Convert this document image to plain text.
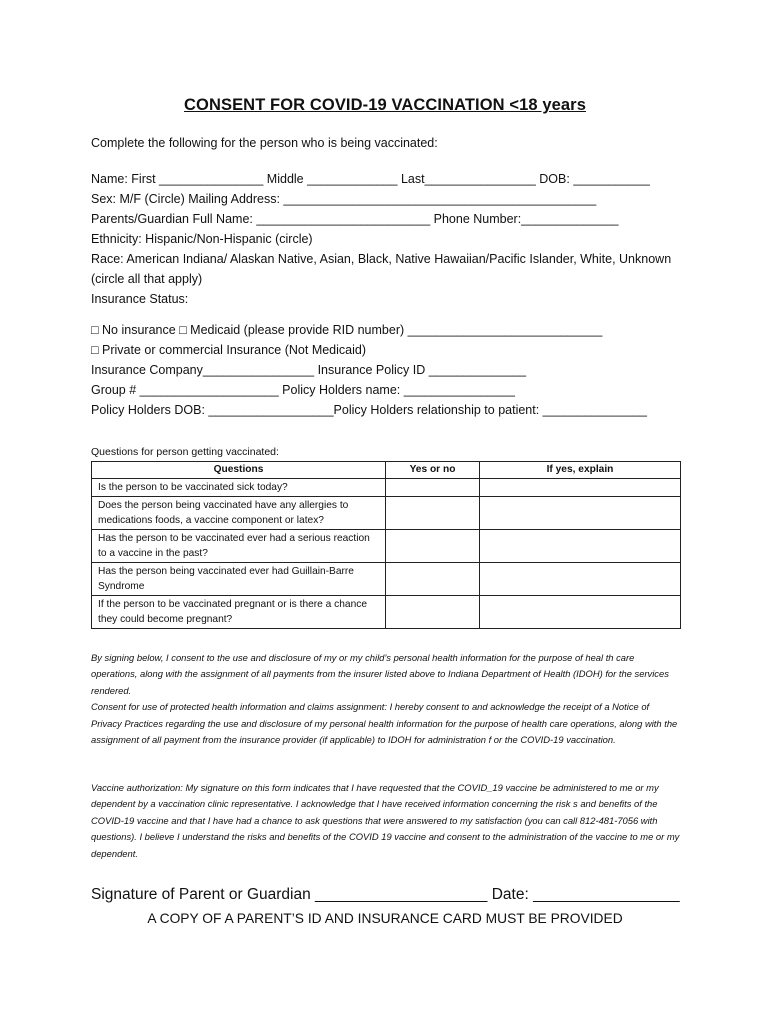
CONSENT FOR COVID-19 VACCINATION <18 years
Complete the following for the person who is being vaccinated:
Name: First _______________ Middle _____________ Last________________ DOB: ___________
Sex: M/F (Circle) Mailing Address: _____________________________________________
Parents/Guardian Full Name: _________________________ Phone Number:______________
Ethnicity: Hispanic/Non-Hispanic (circle)
Race: American Indiana/ Alaskan Native, Asian, Black, Native Hawaiian/Pacific Islander, White, Unknown (circle all that apply)
Insurance Status:
□ No insurance □ Medicaid (please provide RID number) ____________________________
□ Private or commercial Insurance (Not Medicaid)
Insurance Company________________ Insurance Policy ID ______________
Group # ____________________ Policy Holders name: ________________
Policy Holders DOB: __________________Policy Holders relationship to patient: _______________
Questions for person getting vaccinated:
Questions	Yes or no	If yes, explain
Is the person to be vaccinated sick today?		
Does the person being vaccinated have any allergies to medications foods, a vaccine component or latex?		
Has the person to be vaccinated ever had a serious reaction to a vaccine in the past?		
Has the person being vaccinated ever had Guillain-Barre Syndrome		
If the person to be vaccinated pregnant or is there a chance they could become pregnant?		

By signing below, I consent to the use and disclosure of my or my child’s personal health information for the purpose of heal th care operations, along with the assignment of all payments from the insurer listed above to Indiana Department of Health (IDOH) for the services rendered.

Consent for use of protected health information and claims assignment: I hereby consent to and acknowledge the receipt of a Notice of Privacy Practices regarding the use and disclosure of my personal health information for the purpose of health care operations, along with the assignment of all payment from the insurance provider (if applicable) to IDOH for administration f or the COVID-19 vaccination.

Vaccine authorization: My signature on this form indicates that I have requested that the COVID_19 vaccine be administered to me or my dependent by a vaccination clinic representative. I acknowledge that I have received information concerning the risk s and benefits of the COVID-19 vaccine and that I have had a chance to ask questions that were answered to my satisfaction (you can call 812-481-7056 with questions). I believe I understand the risks and benefits of the COVID 19 vaccine and consent to the administration of the vaccine to me or my dependent.
Signature of Parent or Guardian ____________________ Date: _________________
A COPY OF A PARENT’S ID AND INSURANCE CARD MUST BE PROVIDED
